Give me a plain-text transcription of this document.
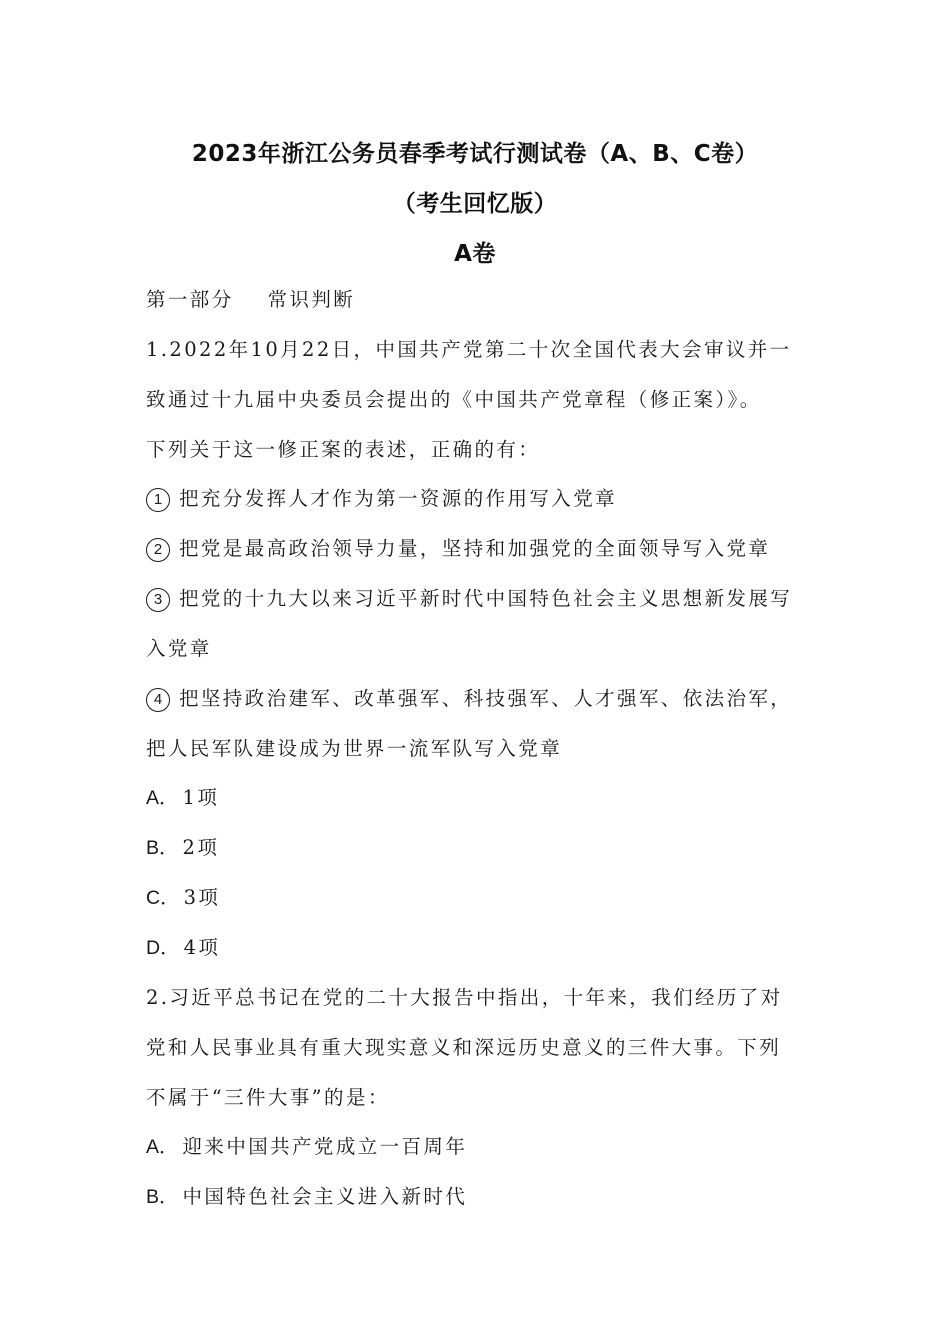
2023年浙江公务员春季考试行测试卷（A、B、C卷）
（考生回忆版）
A卷
第一部分 常识判断
1.2022年10月22日，中国共产党第二十次全国代表大会审议并一
致通过十九届中央委员会提出的《中国共产党章程（修正案）》。
下列关于这一修正案的表述，正确的有：
1 把充分发挥人才作为第一资源的作用写入党章
2 把党是最高政治领导力量，坚持和加强党的全面领导写入党章
3 把党的十九大以来习近平新时代中国特色社会主义思想新发展写
入党章
4 把坚持政治建军、改革强军、科技强军、人才强军、依法治军，
把人民军队建设成为世界一流军队写入党章
A． 1项
B． 2项
C． 3项
D． 4项
2.习近平总书记在党的二十大报告中指出，十年来，我们经历了对
党和人民事业具有重大现实意义和深远历史意义的三件大事。下列
不属于“三件大事”的是：
A． 迎来中国共产党成立一百周年
B． 中国特色社会主义进入新时代
